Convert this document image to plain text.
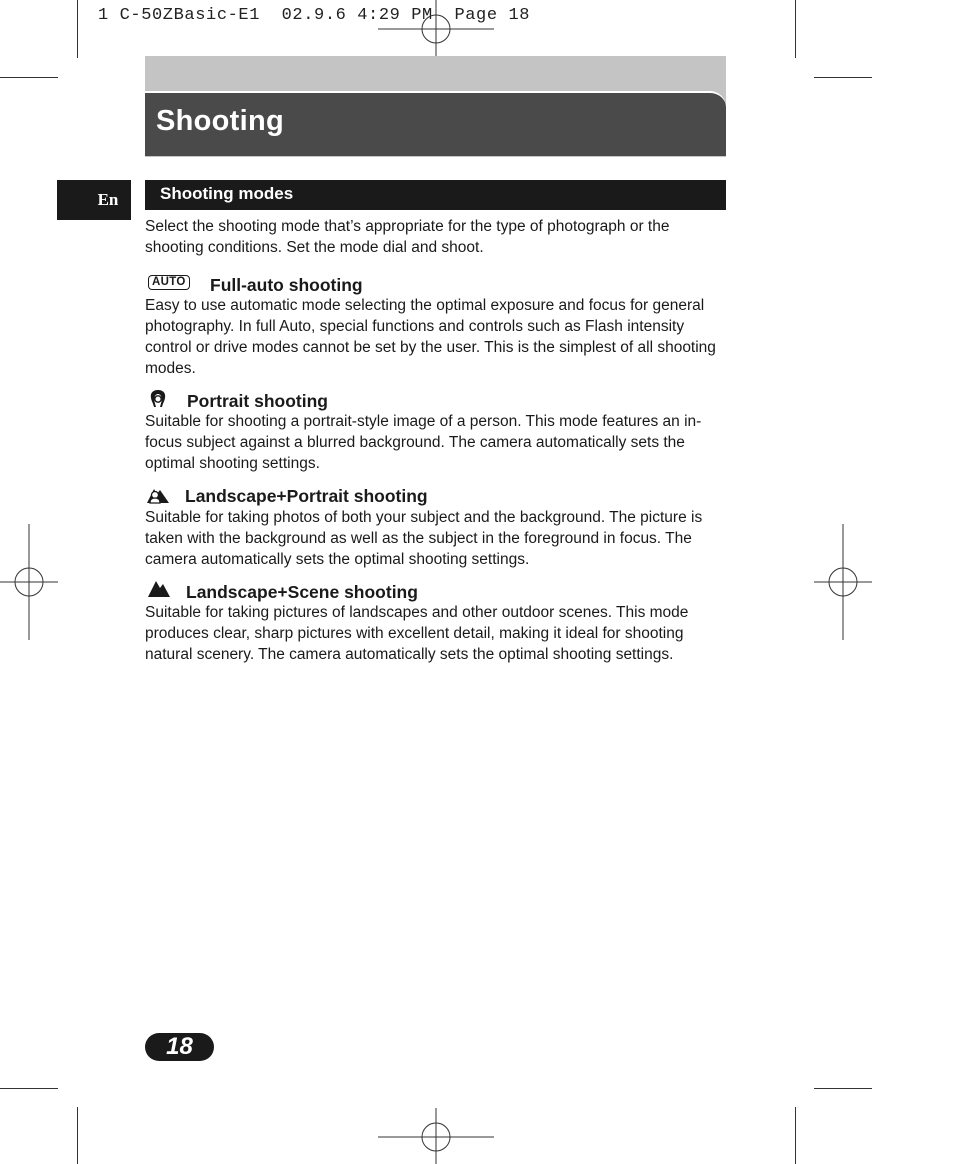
1 C-50ZBasic-E1  02.9.6 4:29 PM  Page 18
Shooting
En	Shooting modes
Select the shooting mode that’s appropriate for the type of photograph or the shooting conditions. Set the mode dial and shoot.
AUTO Full-auto shooting
Easy to use automatic mode selecting the optimal exposure and focus for general photography. In full Auto, special functions and controls such as Flash intensity control or drive modes cannot be set by the user. This is the simplest of all shooting modes.
Portrait shooting
Suitable for shooting a portrait-style image of a person. This mode features an in-focus subject against a blurred background. The camera automatically sets the optimal shooting settings.
Landscape+Portrait shooting
Suitable for taking photos of both your subject and the background. The picture is taken with the background as well as the subject in the foreground in focus. The camera automatically sets the optimal shooting settings.
Landscape+Scene shooting
Suitable for taking pictures of landscapes and other outdoor scenes. This mode produces clear, sharp pictures with excellent detail, making it ideal for shooting natural scenery. The camera automatically sets the optimal shooting settings.
18
